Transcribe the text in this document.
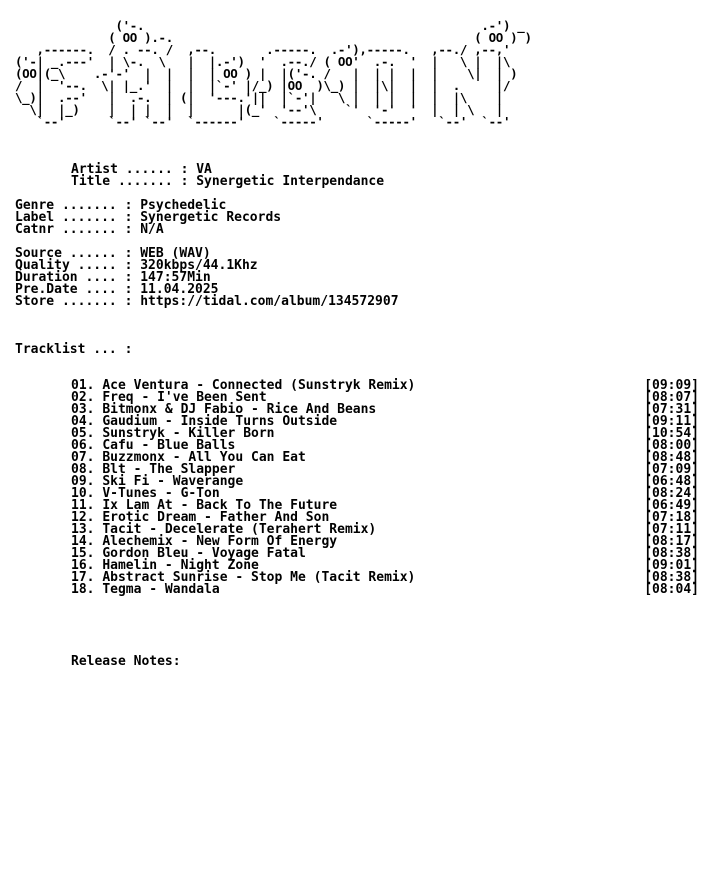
('-.                                               .-') _
( OO ).-.                                          ( OO ) )
,------.  / . --. /  ,--.       .-----.  .-'),-----.   ,--./ ,--,'
('-| _.---'  | \-.  \   |  |.-')  '  .--./ ( OO'  .-.  '  |   \ |  |\
(OO|(_\    .-'-'  |  |  |  | OO ) |  |('-. /   |  | |  |  |    \|  | )
/  |  '--.  \| |_.'  |  |  |`-' |/_) |OO  )\_) |  |\|  |  |  .     |/
\_)|  .--'   |  .-.  | (|  '---.'||  |`-'|   \ |  | |  |  |  |\    |
\|  |_)    |  | |  |  |      |(_'  '--'\    `'  '-'  '  |  | \   |
`--'      `--' `--'  `------'    `-----'      `-----'   `--'  `--'
Artist ...... : VA
Title ....... : Synergetic Interpendance
Genre ....... : Psychedelic
Label ....... : Synergetic Records
Catnr ....... : N/A
Source ...... : WEB (WAV)
Quality ..... : 320kbps/44.1Khz
Duration .... : 147:57Min
Pre.Date .... : 11.04.2025
Store ....... : https://tidal.com/album/134572907
Tracklist ... :
01. Ace Ventura - Connected (Sunstryk Remix)	[09:09]
02. Freq - I've Been Sent	[08:07]
03. Bitmonx & DJ Fabio - Rice And Beans	[07:31]
04. Gaudium - Inside Turns Outside	[09:11]
05. Sunstryk - Killer Born	[10:54]
06. Cafu - Blue Balls	[08:00]
07. Buzzmonx - All You Can Eat	[08:48]
08. Blt - The Slapper	[07:09]
09. Ski Fi - Waverange	[06:48]
10. V-Tunes - G-Ton	[08:24]
11. Ix Lam At - Back To The Future	[06:49]
12. Erotic Dream - Father And Son	[07:18]
13. Tacit - Decelerate (Terahert Remix)	[07:11]
14. Alechemix - New Form Of Energy	[08:17]
15. Gordon Bleu - Voyage Fatal	[08:38]
16. Hamelin - Night Zone	[09:01]
17. Abstract Sunrise - Stop Me (Tacit Remix)	[08:38]
18. Tegma - Wandala	[08:04]
Release Notes:
